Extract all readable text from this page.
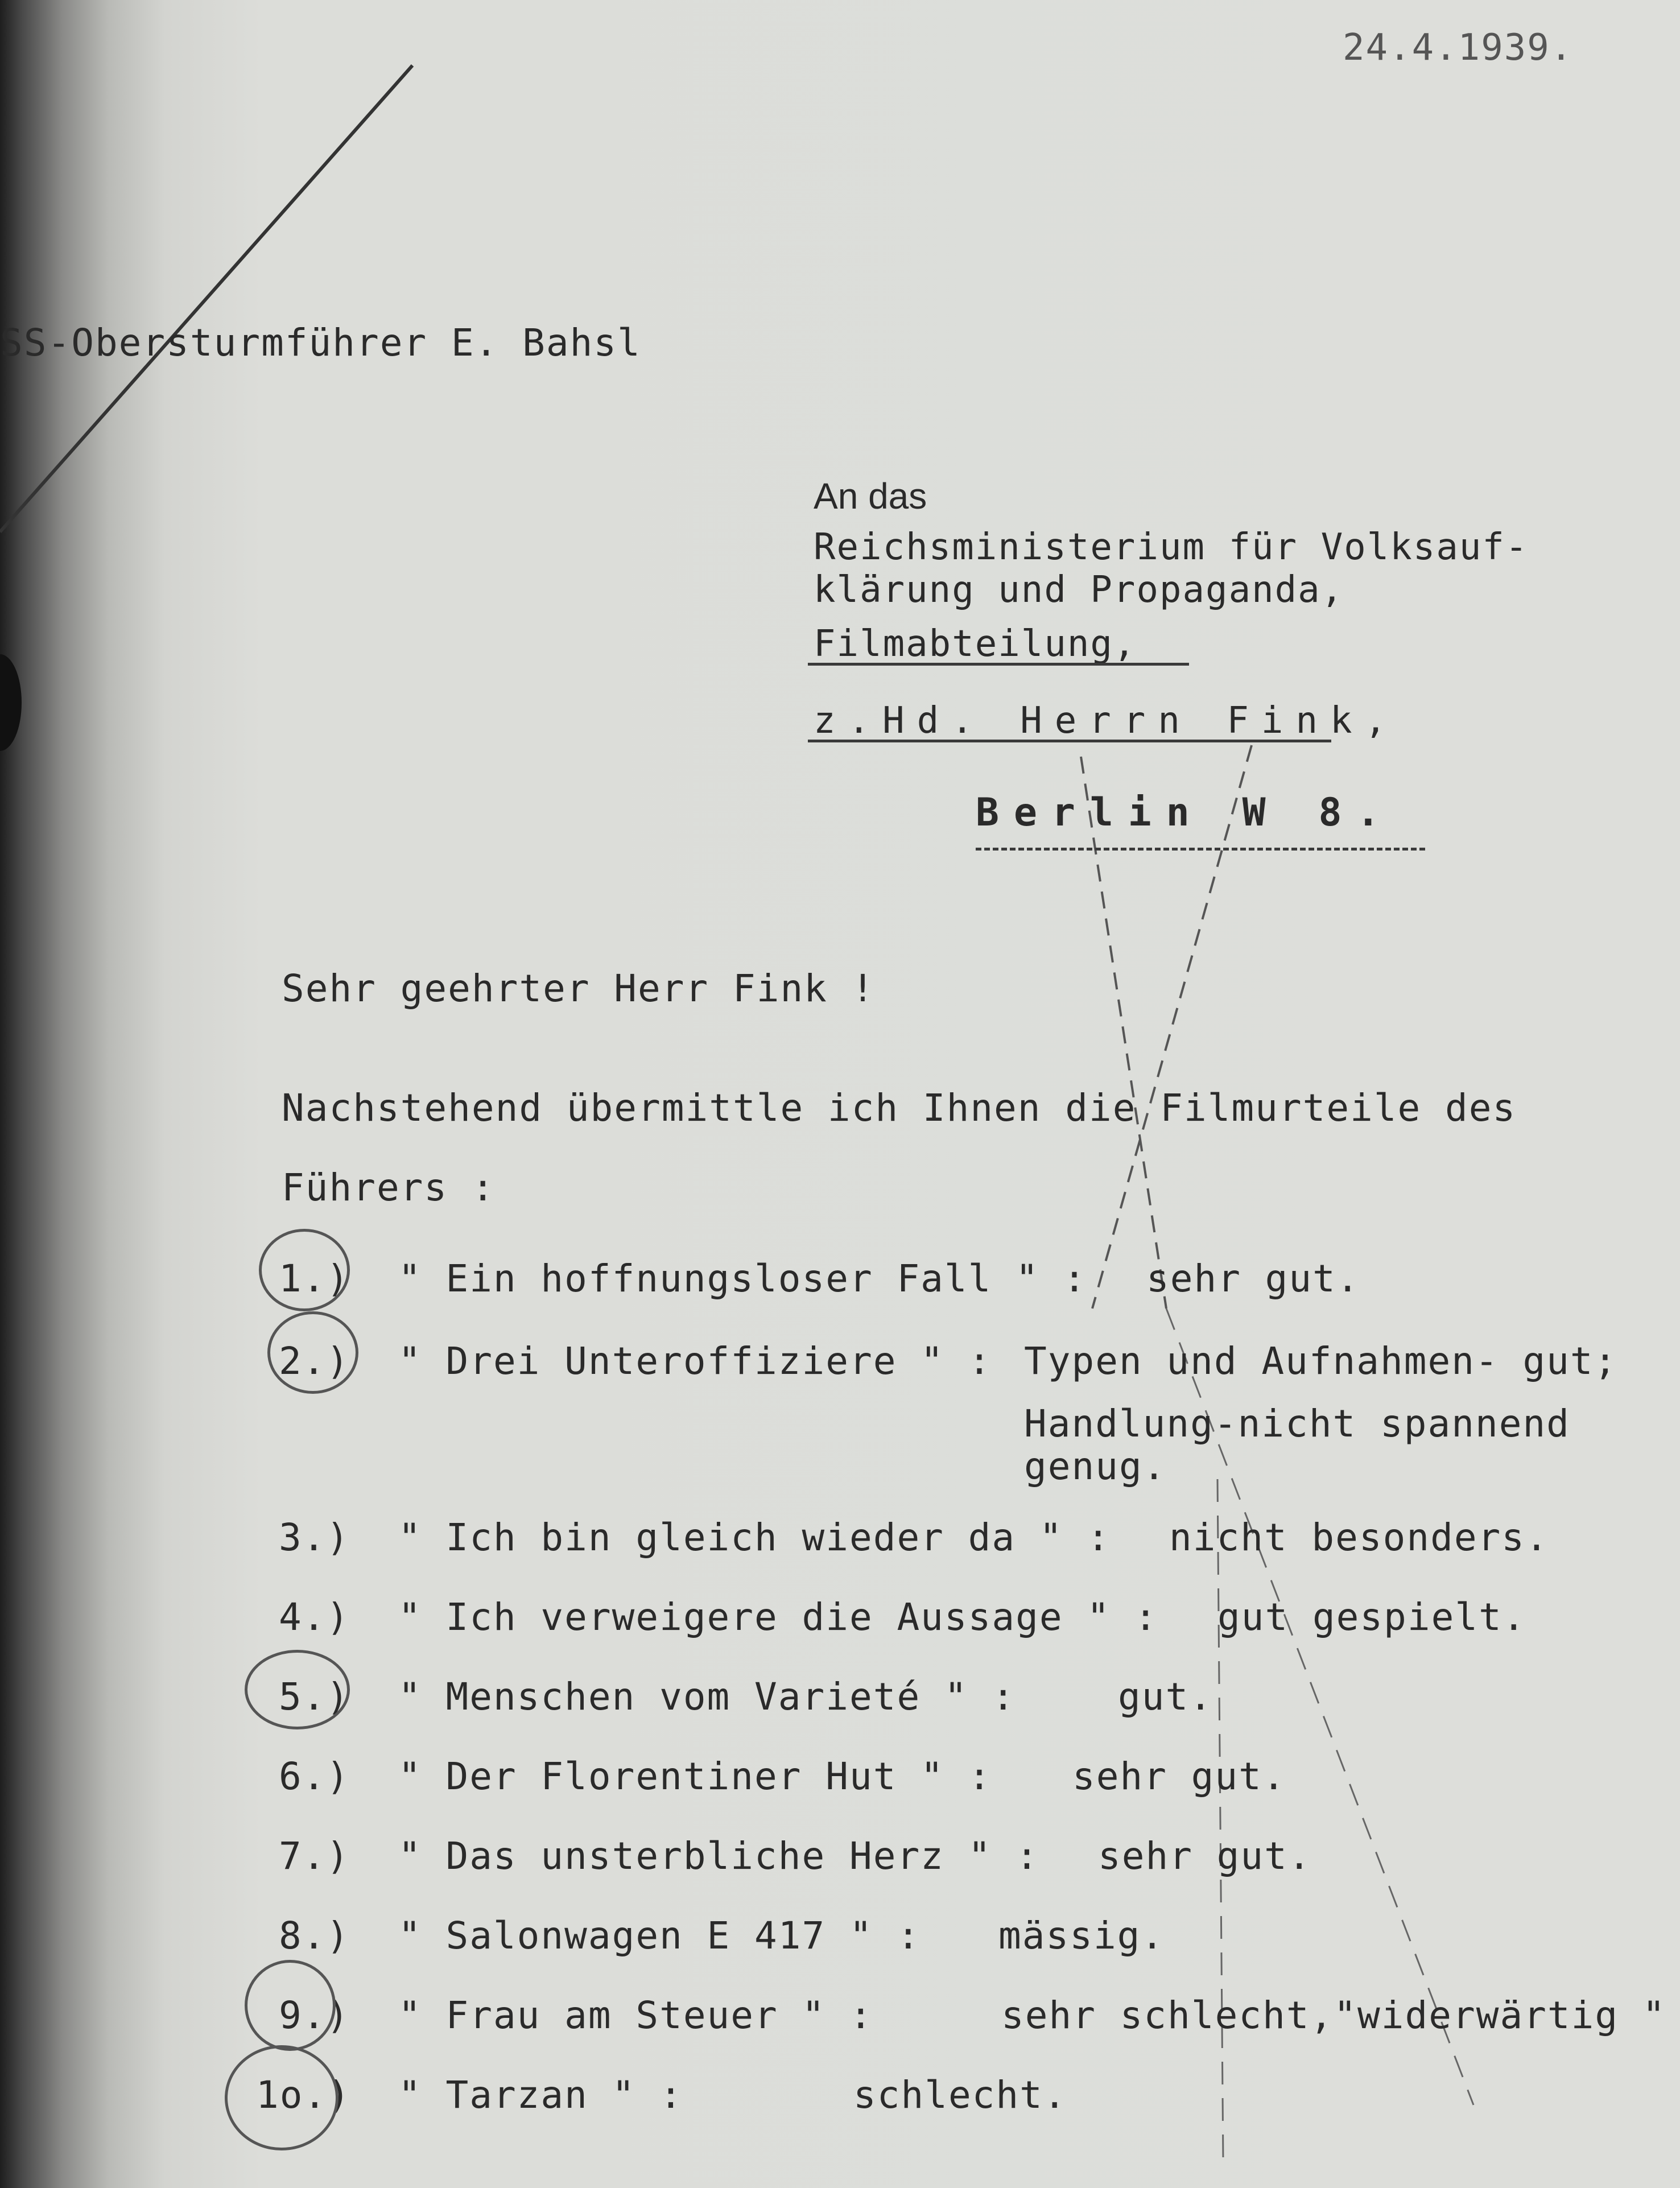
24.4.1939.
SS-Obersturmführer E. Bahsl
An das
Reichsministerium für Volksauf-
klärung und Propaganda,
Filmabteilung,
z.Hd. Herrn Fink,
Berlin W 8.
Sehr geehrter Herr Fink !
Nachstehend übermittle ich Ihnen die Filmurteile des
Führers :
1.) " Ein hoffnungsloser Fall " : sehr gut.
2.) " Drei Unteroffiziere " : Typen und Aufnahmen- gut;
Handlung-nicht spannend
genug.
3.) " Ich bin gleich wieder da " : nicht besonders.
4.) " Ich verweigere die Aussage " : gut gespielt.
5.) " Menschen vom Varieté " :	gut.
6.) " Der Florentiner Hut " : sehr gut.
7.) " Das unsterbliche Herz " : sehr gut.
8.) " Salonwagen E 417 " : mässig.
9.) " Frau am Steuer " :	sehr schlecht,"widerwärtig "
1o.) " Tarzan " :	schlecht.
